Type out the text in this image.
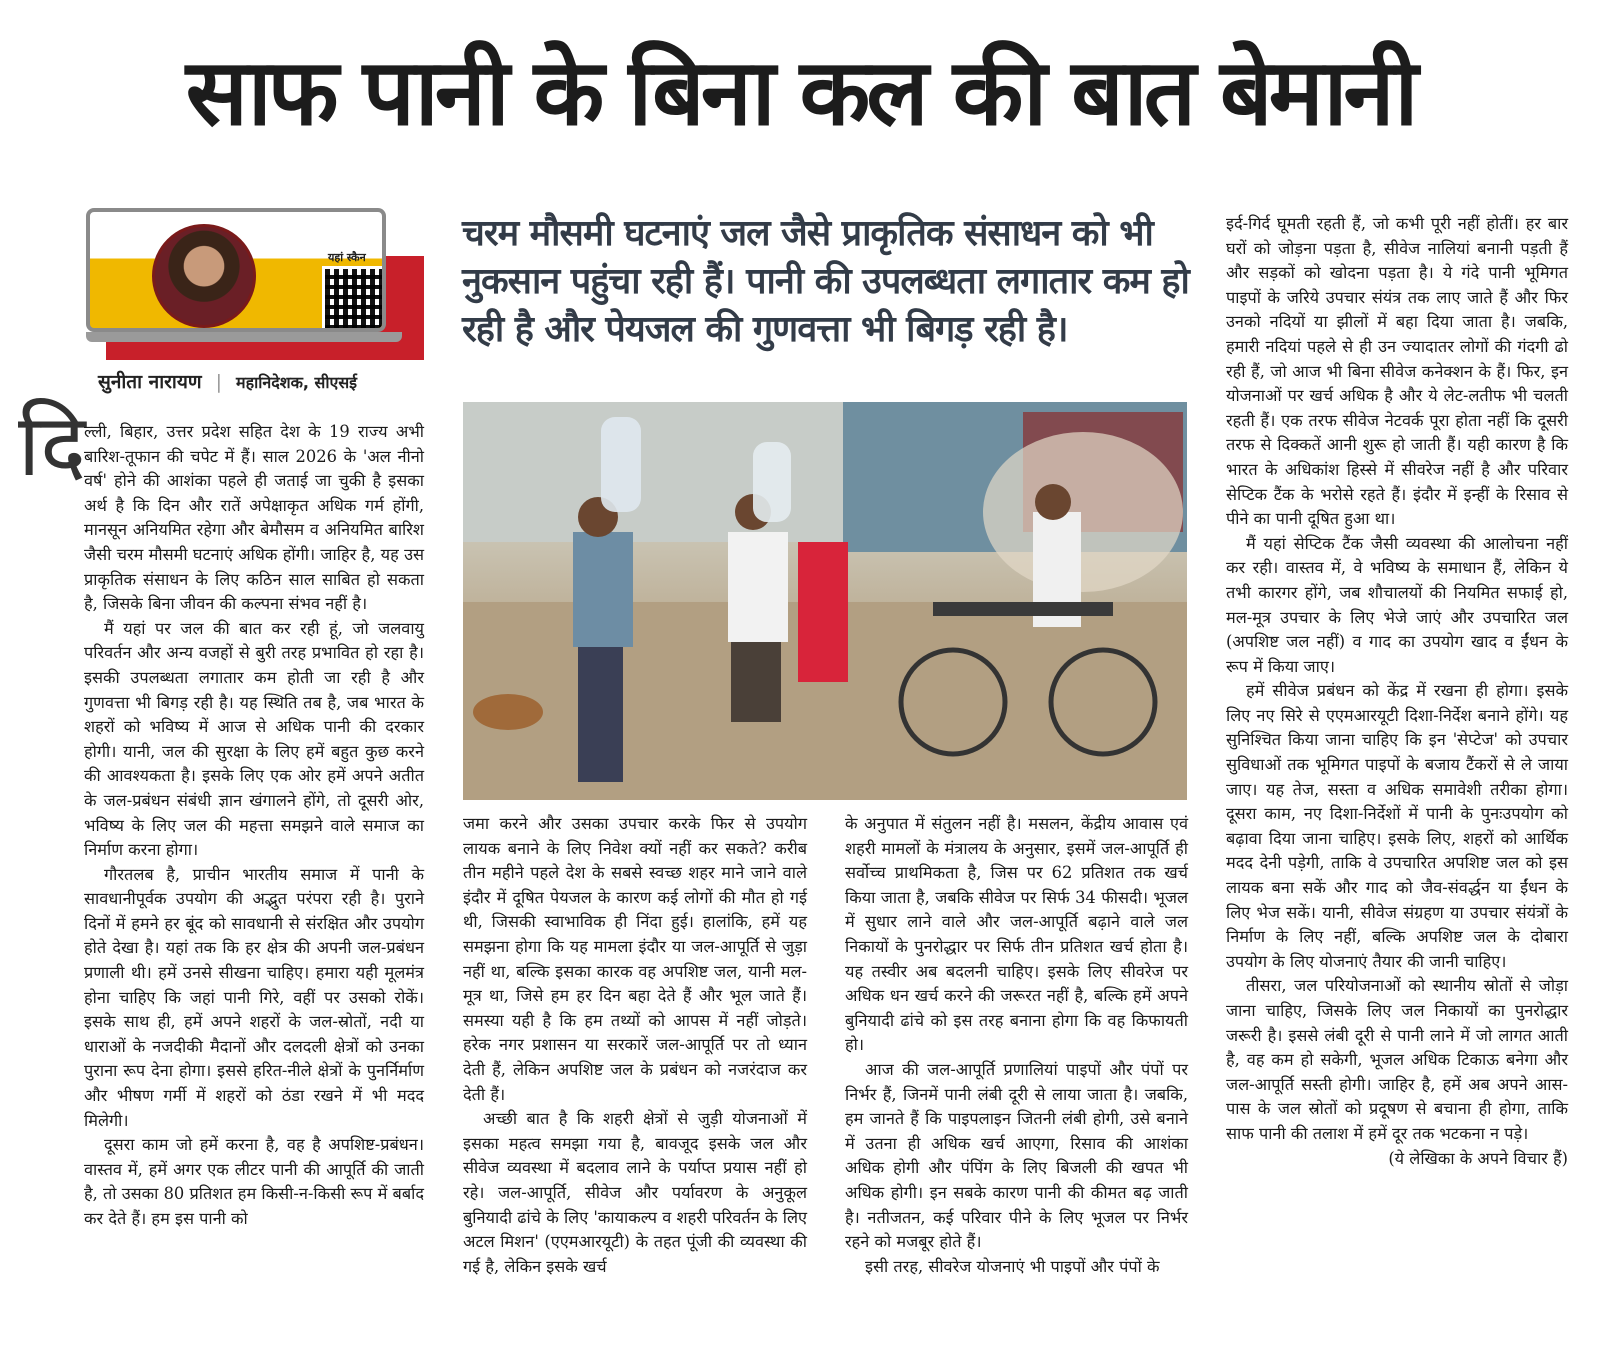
साफ पानी के बिना कल की बात बेमानी
यहां स्कैन
सुनीता नारायण | महानिदेशक, सीएसई
चरम मौसमी घटनाएं जल जैसे प्राकृतिक संसाधन को भी नुकसान पहुंचा रही हैं। पानी की उपलब्धता लगातार कम हो रही है और पेयजल की गुणवत्ता भी बिगड़ रही है।
दि

ल्ली, बिहार, उत्तर प्रदेश सहित देश के 19 राज्य अभी बारिश-तूफान की चपेट में हैं। साल 2026 के 'अल नीनो वर्ष' होने की आशंका पहले ही जताई जा चुकी है इसका अर्थ है कि दिन और रातें अपेक्षाकृत अधिक गर्म होंगी, मानसून अनियमित रहेगा और बेमौसम व अनियमित बारिश जैसी चरम मौसमी घटनाएं अधिक होंगी। जाहिर है, यह उस प्राकृतिक संसाधन के लिए कठिन साल साबित हो सकता है, जिसके बिना जीवन की कल्पना संभव नहीं है।

मैं यहां पर जल की बात कर रही हूं, जो जलवायु परिवर्तन और अन्य वजहों से बुरी तरह प्रभावित हो रहा है। इसकी उपलब्धता लगातार कम होती जा रही है और गुणवत्ता भी बिगड़ रही है। यह स्थिति तब है, जब भारत के शहरों को भविष्य में आज से अधिक पानी की दरकार होगी। यानी, जल की सुरक्षा के लिए हमें बहुत कुछ करने की आवश्यकता है। इसके लिए एक ओर हमें अपने अतीत के जल-प्रबंधन संबंधी ज्ञान खंगालने होंगे, तो दूसरी ओर, भविष्य के लिए जल की महत्ता समझने वाले समाज का निर्माण करना होगा।

गौरतलब है, प्राचीन भारतीय समाज में पानी के सावधानीपूर्वक उपयोग की अद्भुत परंपरा रही है। पुराने दिनों में हमने हर बूंद को सावधानी से संरक्षित और उपयोग होते देखा है। यहां तक कि हर क्षेत्र की अपनी जल-प्रबंधन प्रणाली थी। हमें उनसे सीखना चाहिए। हमारा यही मूलमंत्र होना चाहिए कि जहां पानी गिरे, वहीं पर उसको रोकें। इसके साथ ही, हमें अपने शहरों के जल-स्रोतों, नदी या धाराओं के नजदीकी मैदानों और दलदली क्षेत्रों को उनका पुराना रूप देना होगा। इससे हरित-नीले क्षेत्रों के पुनर्निर्माण और भीषण गर्मी में शहरों को ठंडा रखने में भी मदद मिलेगी।

दूसरा काम जो हमें करना है, वह है अपशिष्ट-प्रबंधन। वास्तव में, हमें अगर एक लीटर पानी की आपूर्ति की जाती है, तो उसका 80 प्रतिशत हम किसी-न-किसी रूप में बर्बाद कर देते हैं। हम इस पानी को

जमा करने और उसका उपचार करके फिर से उपयोग लायक बनाने के लिए निवेश क्यों नहीं कर सकते? करीब तीन महीने पहले देश के सबसे स्वच्छ शहर माने जाने वाले इंदौर में दूषित पेयजल के कारण कई लोगों की मौत हो गई थी, जिसकी स्वाभाविक ही निंदा हुई। हालांकि, हमें यह समझना होगा कि यह मामला इंदौर या जल-आपूर्ति से जुड़ा नहीं था, बल्कि इसका कारक वह अपशिष्ट जल, यानी मल-मूत्र था, जिसे हम हर दिन बहा देते हैं और भूल जाते हैं। समस्या यही है कि हम तथ्यों को आपस में नहीं जोड़ते। हरेक नगर प्रशासन या सरकारें जल-आपूर्ति पर तो ध्यान देती हैं, लेकिन अपशिष्ट जल के प्रबंधन को नजरंदाज कर देती हैं।

अच्छी बात है कि शहरी क्षेत्रों से जुड़ी योजनाओं में इसका महत्व समझा गया है, बावजूद इसके जल और सीवेज व्यवस्था में बदलाव लाने के पर्याप्त प्रयास नहीं हो रहे। जल-आपूर्ति, सीवेज और पर्यावरण के अनुकूल बुनियादी ढांचे के लिए 'कायाकल्प व शहरी परिवर्तन के लिए अटल मिशन' (एएमआरयूटी) के तहत पूंजी की व्यवस्था की गई है, लेकिन इसके खर्च

के अनुपात में संतुलन नहीं है। मसलन, केंद्रीय आवास एवं शहरी मामलों के मंत्रालय के अनुसार, इसमें जल-आपूर्ति ही सर्वोच्च प्राथमिकता है, जिस पर 62 प्रतिशत तक खर्च किया जाता है, जबकि सीवेज पर सिर्फ 34 फीसदी। भूजल में सुधार लाने वाले और जल-आपूर्ति बढ़ाने वाले जल निकायों के पुनरोद्धार पर सिर्फ तीन प्रतिशत खर्च होता है। यह तस्वीर अब बदलनी चाहिए। इसके लिए सीवरेज पर अधिक धन खर्च करने की जरूरत नहीं है, बल्कि हमें अपने बुनियादी ढांचे को इस तरह बनाना होगा कि वह किफायती हो।

आज की जल-आपूर्ति प्रणालियां पाइपों और पंपों पर निर्भर हैं, जिनमें पानी लंबी दूरी से लाया जाता है। जबकि, हम जानते हैं कि पाइपलाइन जितनी लंबी होगी, उसे बनाने में उतना ही अधिक खर्च आएगा, रिसाव की आशंका अधिक होगी और पंपिंग के लिए बिजली की खपत भी अधिक होगी। इन सबके कारण पानी की कीमत बढ़ जाती है। नतीजतन, कई परिवार पीने के लिए भूजल पर निर्भर रहने को मजबूर होते हैं।

इसी तरह, सीवरेज योजनाएं भी पाइपों और पंपों के

इर्द-गिर्द घूमती रहती हैं, जो कभी पूरी नहीं होतीं। हर बार घरों को जोड़ना पड़ता है, सीवेज नालियां बनानी पड़ती हैं और सड़कों को खोदना पड़ता है। ये गंदे पानी भूमिगत पाइपों के जरिये उपचार संयंत्र तक लाए जाते हैं और फिर उनको नदियों या झीलों में बहा दिया जाता है। जबकि, हमारी नदियां पहले से ही उन ज्यादातर लोगों की गंदगी ढो रही हैं, जो आज भी बिना सीवेज कनेक्शन के हैं। फिर, इन योजनाओं पर खर्च अधिक है और ये लेट-लतीफ भी चलती रहती हैं। एक तरफ सीवेज नेटवर्क पूरा होता नहीं कि दूसरी तरफ से दिक्कतें आनी शुरू हो जाती हैं। यही कारण है कि भारत के अधिकांश हिस्से में सीवरेज नहीं है और परिवार सेप्टिक टैंक के भरोसे रहते हैं। इंदौर में इन्हीं के रिसाव से पीने का पानी दूषित हुआ था।

मैं यहां सेप्टिक टैंक जैसी व्यवस्था की आलोचना नहीं कर रही। वास्तव में, वे भविष्य के समाधान हैं, लेकिन ये तभी कारगर होंगे, जब शौचालयों की नियमित सफाई हो, मल-मूत्र उपचार के लिए भेजे जाएं और उपचारित जल (अपशिष्ट जल नहीं) व गाद का उपयोग खाद व ईंधन के रूप में किया जाए।

हमें सीवेज प्रबंधन को केंद्र में रखना ही होगा। इसके लिए नए सिरे से एएमआरयूटी दिशा-निर्देश बनाने होंगे। यह सुनिश्चित किया जाना चाहिए कि इन 'सेप्टेज' को उपचार सुविधाओं तक भूमिगत पाइपों के बजाय टैंकरों से ले जाया जाए। यह तेज, सस्ता व अधिक समावेशी तरीका होगा। दूसरा काम, नए दिशा-निर्देशों में पानी के पुनःउपयोग को बढ़ावा दिया जाना चाहिए। इसके लिए, शहरों को आर्थिक मदद देनी पड़ेगी, ताकि वे उपचारित अपशिष्ट जल को इस लायक बना सकें और गाद को जैव-संवर्द्धन या ईंधन के लिए भेज सकें। यानी, सीवेज संग्रहण या उपचार संयंत्रों के निर्माण के लिए नहीं, बल्कि अपशिष्ट जल के दोबारा उपयोग के लिए योजनाएं तैयार की जानी चाहिए।

तीसरा, जल परियोजनाओं को स्थानीय स्रोतों से जोड़ा जाना चाहिए, जिसके लिए जल निकायों का पुनरोद्धार जरूरी है। इससे लंबी दूरी से पानी लाने में जो लागत आती है, वह कम हो सकेगी, भूजल अधिक टिकाऊ बनेगा और जल-आपूर्ति सस्ती होगी। जाहिर है, हमें अब अपने आस-पास के जल स्रोतों को प्रदूषण से बचाना ही होगा, ताकि साफ पानी की तलाश में हमें दूर तक भटकना न पड़े।

(ये लेखिका के अपने विचार हैं)
